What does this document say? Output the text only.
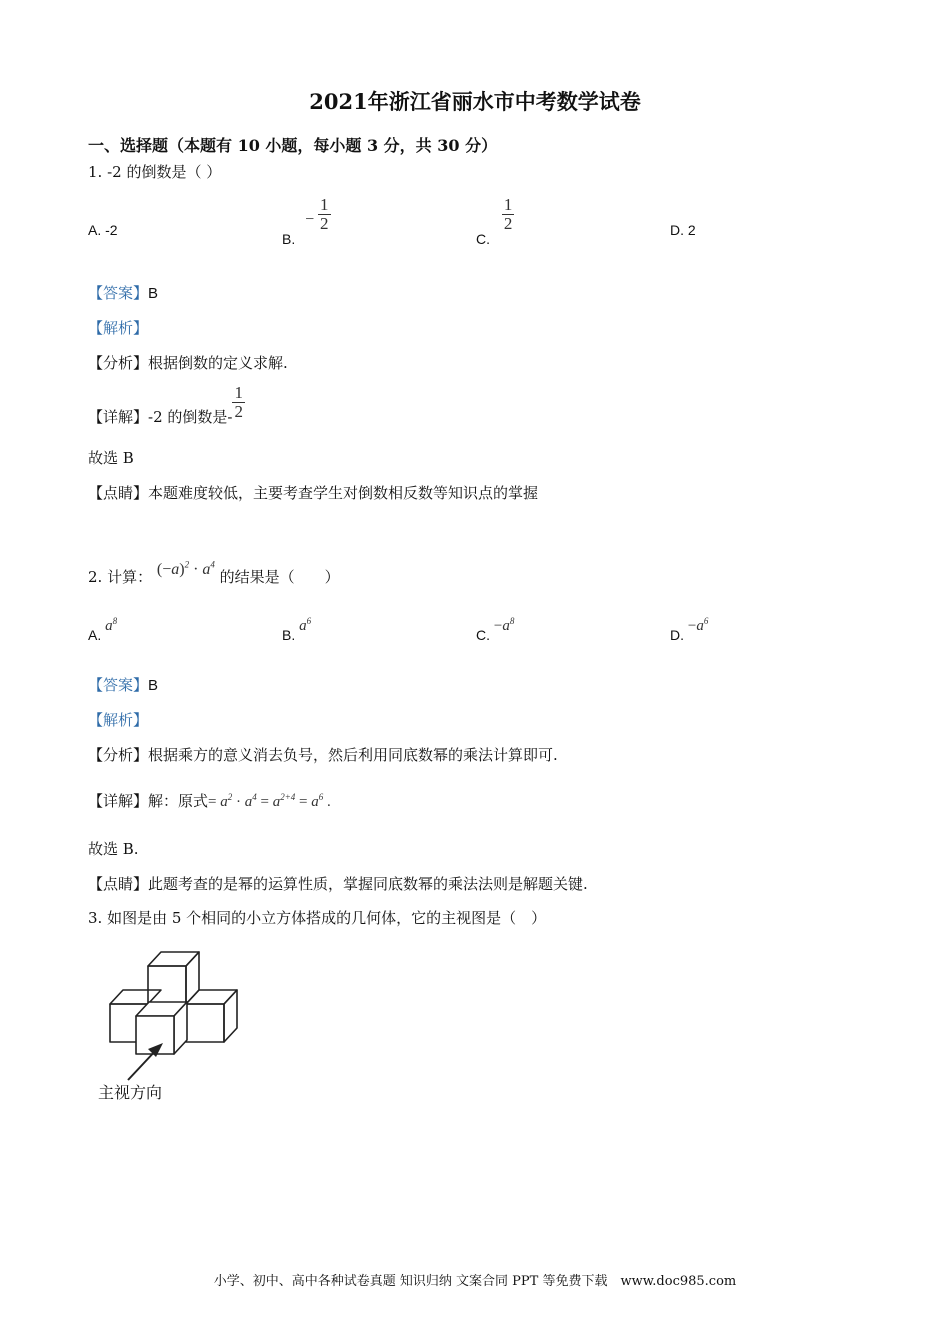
2021年浙江省丽水市中考数学试卷
一、选择题（本题有 10 小题，每小题 3 分，共 30 分）
1. -2 的倒数是（ ）
A. -2
B. − $\frac{1}{2}$
C.
$\frac{1}{2}$	D. 2
【答案】B
【解析】
【分析】根据倒数的定义求解.
【详解】-2 的倒数是- $\frac{1}{2}$
故选 B
【点睛】本题难度较低，主要考查学生对倒数相反数等知识点的掌握
2. 计算： $(-a)^2 \cdot a^4$ 的结果是（　　）
A. $a^8$
B. $a^6$
C. $-a^8$
D. $-a^6$
【答案】B
【解析】
【分析】根据乘方的意义消去负号，然后利用同底数幂的乘法计算即可.
【详解】解：原式= $a^2 \cdot a^4 = a^{2+4} = a^6$ .
故选 B.
【点睛】此题考查的是幂的运算性质，掌握同底数幂的乘法法则是解题关键.
3. 如图是由 5 个相同的小立方体搭成的几何体，它的主视图是（　）
主视方向
小学、初中、高中各种试卷真题 知识归纳 文案合同 PPT 等免费下载　www.doc985.com
